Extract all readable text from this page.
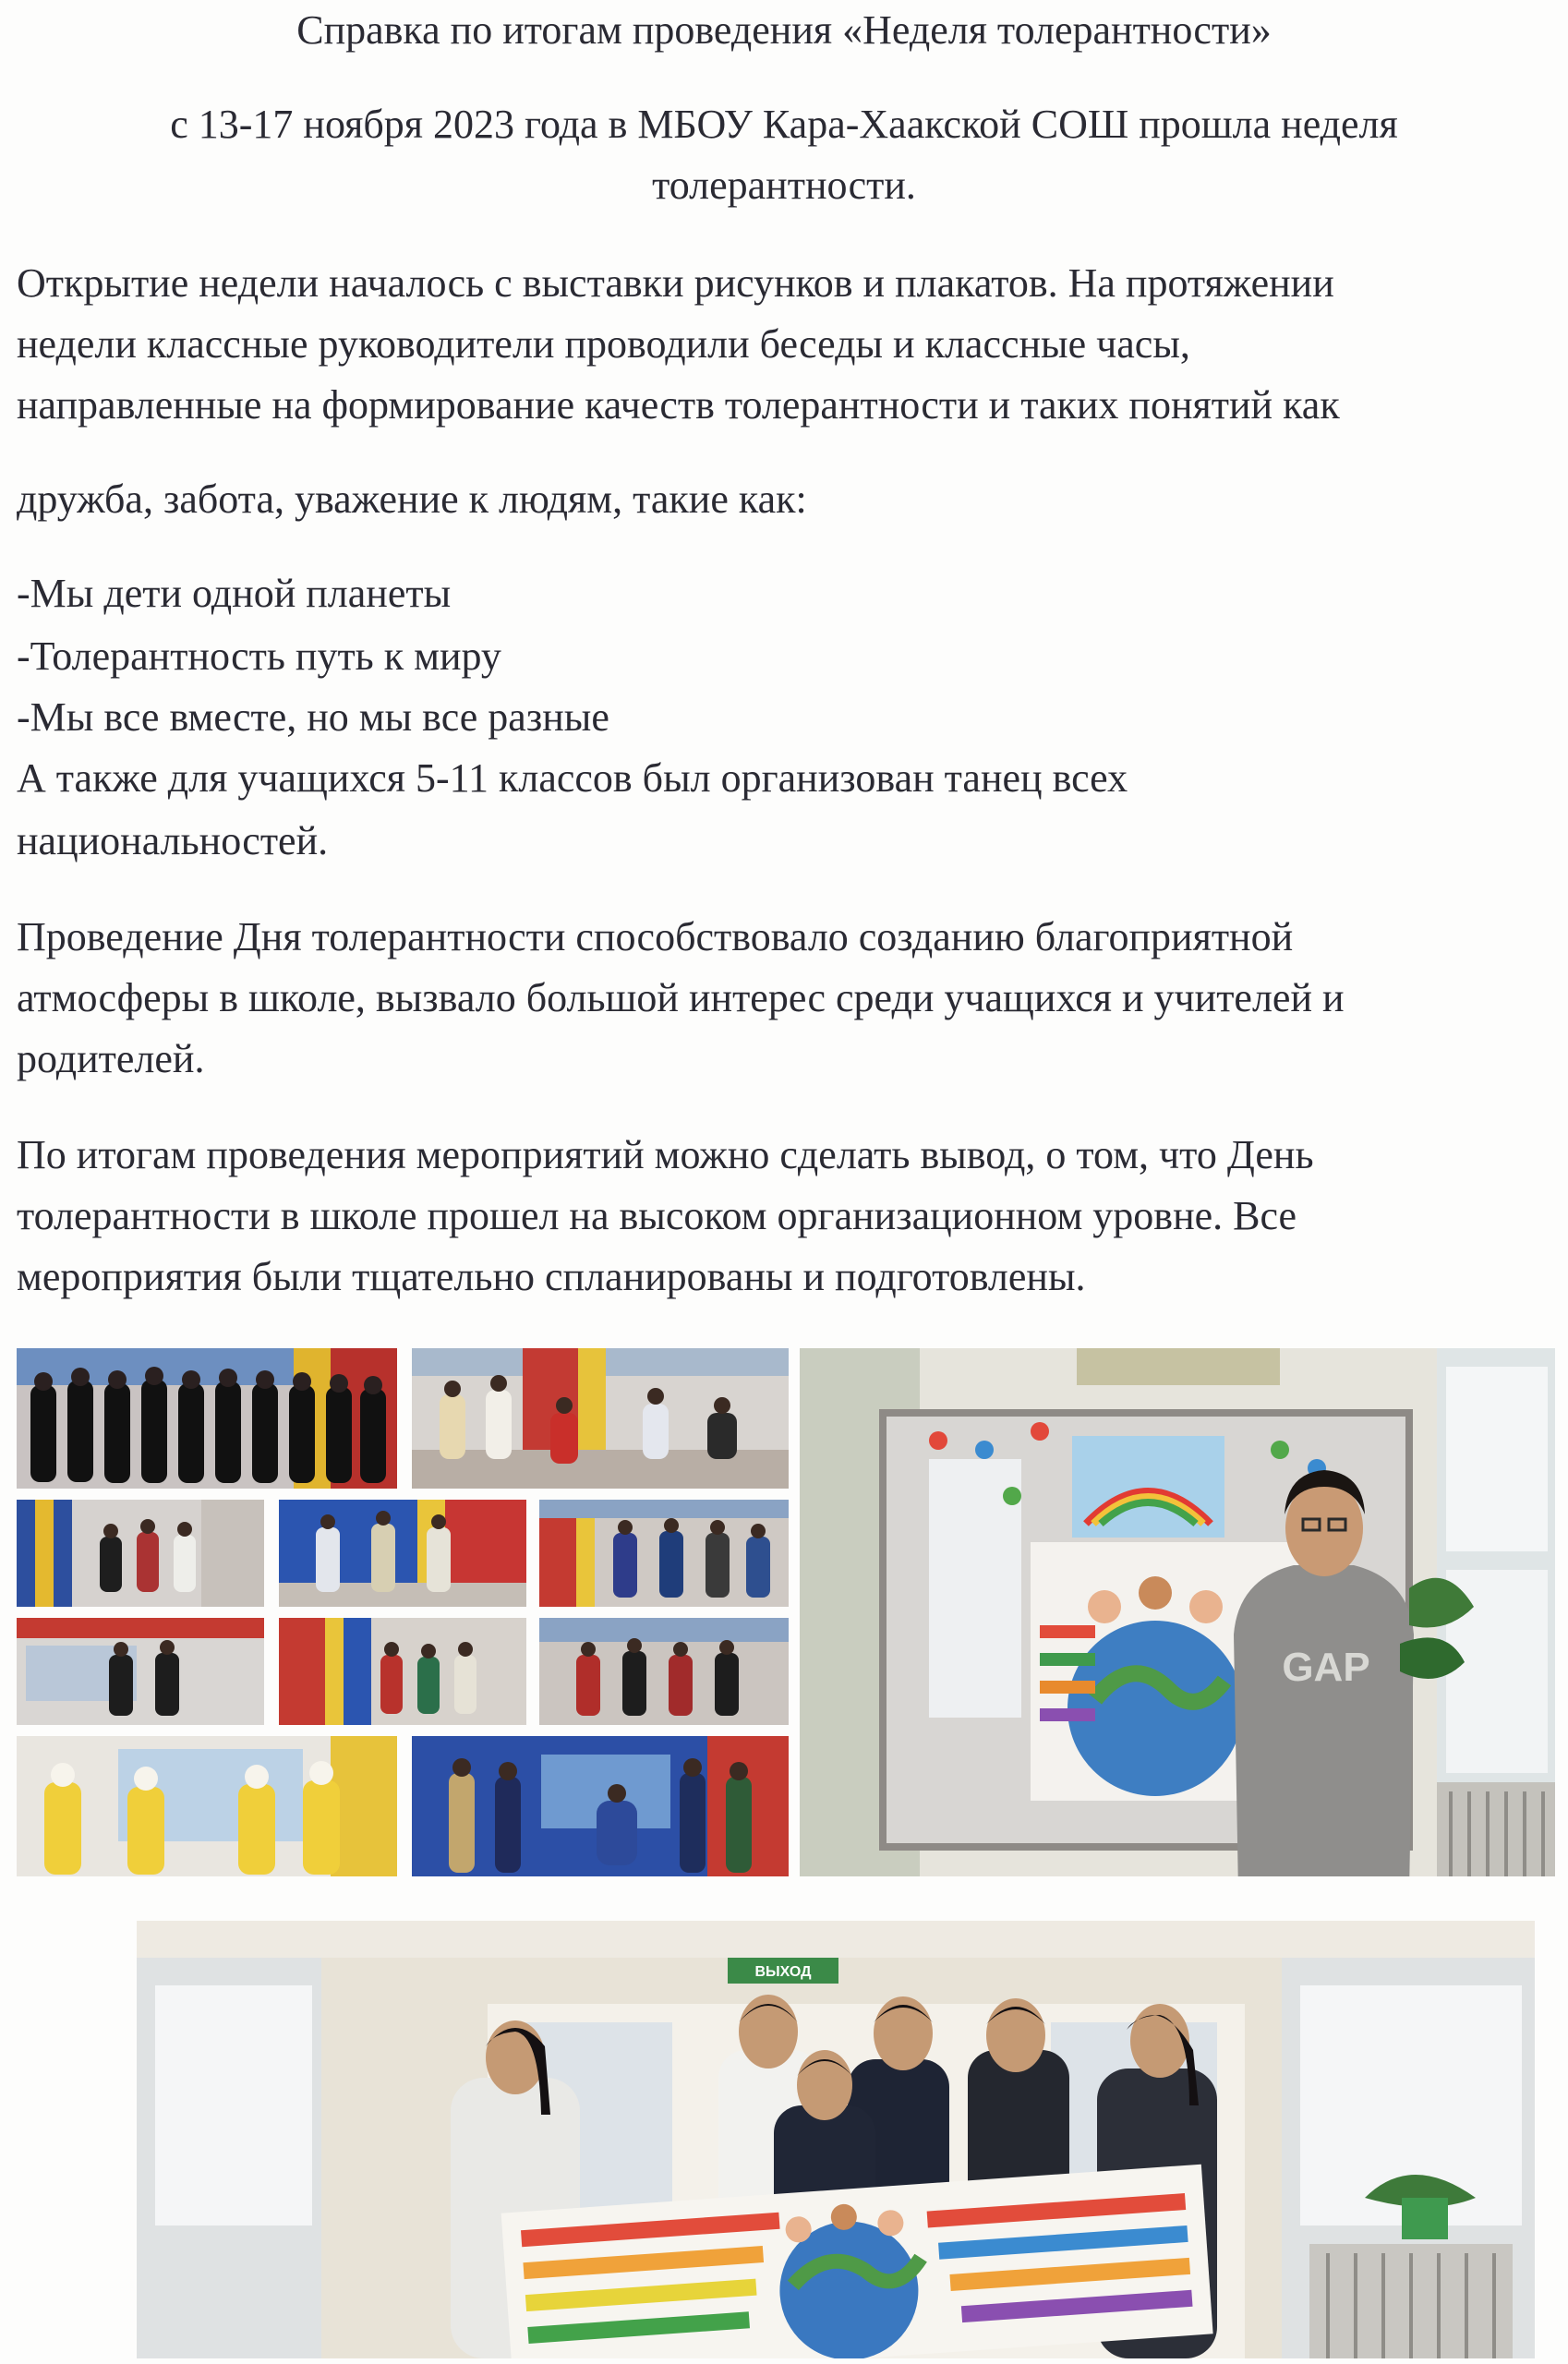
Справка по итогам проведения «Неделя толерантности»
с 13-17 ноября 2023 года в МБОУ Кара-Хаакской СОШ прошла неделя
толерантности.
Открытие недели началось с выставки рисунков и плакатов. На протяжении
недели классные руководители проводили беседы и классные часы,
направленные на формирование качеств толерантности и таких понятий как
дружба, забота, уважение к людям, такие как:
-Мы дети одной планеты
-Толерантность путь к миру
-Мы все вместе, но мы все разные
А также для учащихся 5-11 классов был организован танец всех
национальностей.
Проведение Дня толерантности способствовало созданию благоприятной
атмосферы в школе, вызвало большой интерес среди учащихся и учителей и
родителей.
По итогам проведения мероприятий можно сделать вывод, о том, что День
толерантности в школе прошел на высоком организационном уровне. Все
мероприятия были тщательно спланированы и подготовлены.
GAP
ВЫХОД
